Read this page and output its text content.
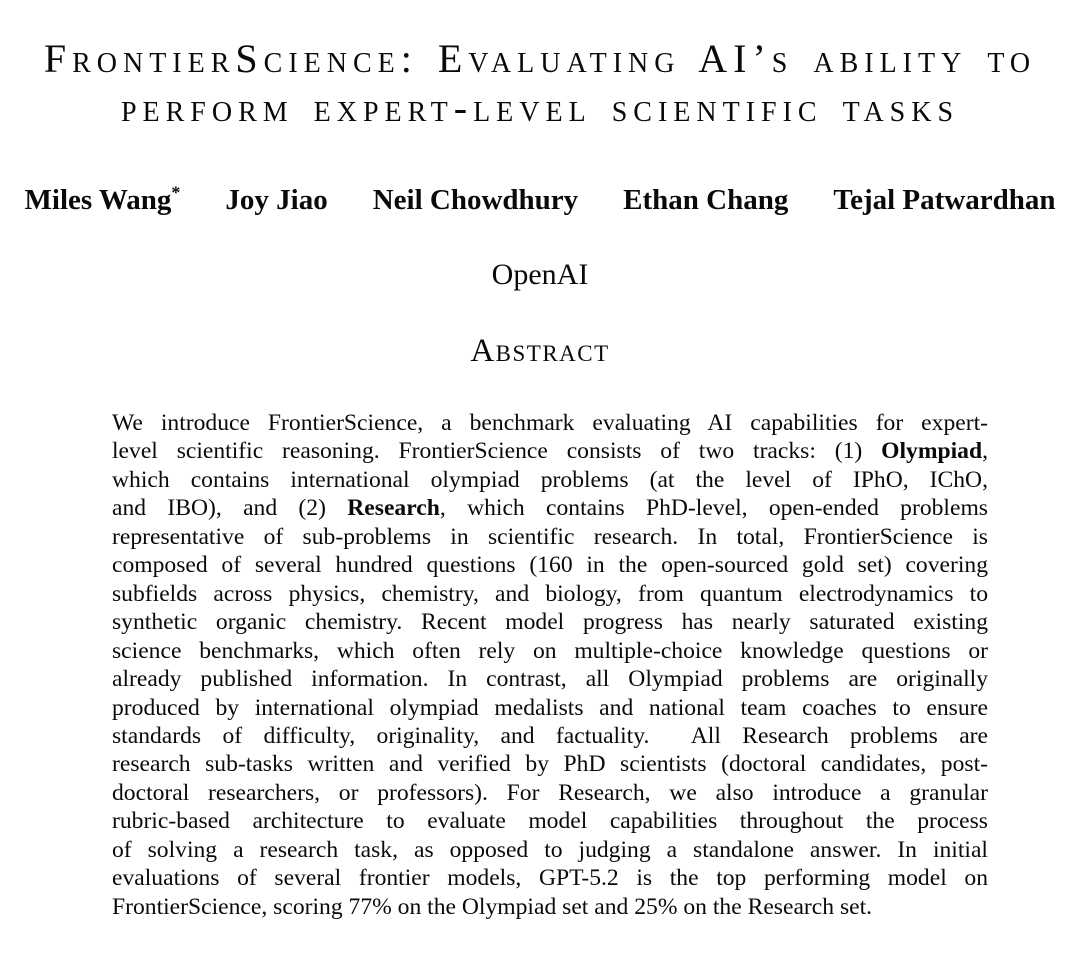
FrontierScience: Evaluating AI’s ability to
perform expert-level scientific tasks
Miles Wang* Joy Jiao Neil Chowdhury Ethan Chang Tejal Patwardhan
OpenAI
Abstract
We introduce FrontierScience, a benchmark evaluating AI capabilities for expert-
level scientific reasoning. FrontierScience consists of two tracks: (1) Olympiad,
which contains international olympiad problems (at the level of IPhO, IChO,
and IBO), and (2) Research, which contains PhD-level, open-ended problems
representative of sub-problems in scientific research. In total, FrontierScience is
composed of several hundred questions (160 in the open-sourced gold set) covering
subfields across physics, chemistry, and biology, from quantum electrodynamics to
synthetic organic chemistry. Recent model progress has nearly saturated existing
science benchmarks, which often rely on multiple-choice knowledge questions or
already published information. In contrast, all Olympiad problems are originally
produced by international olympiad medalists and national team coaches to ensure
standards of difficulty, originality, and factuality.  All Research problems are
research sub-tasks written and verified by PhD scientists (doctoral candidates, post-
doctoral researchers, or professors). For Research, we also introduce a granular
rubric-based architecture to evaluate model capabilities throughout the process
of solving a research task, as opposed to judging a standalone answer. In initial
evaluations of several frontier models, GPT-5.2 is the top performing model on
FrontierScience, scoring 77% on the Olympiad set and 25% on the Research set.
